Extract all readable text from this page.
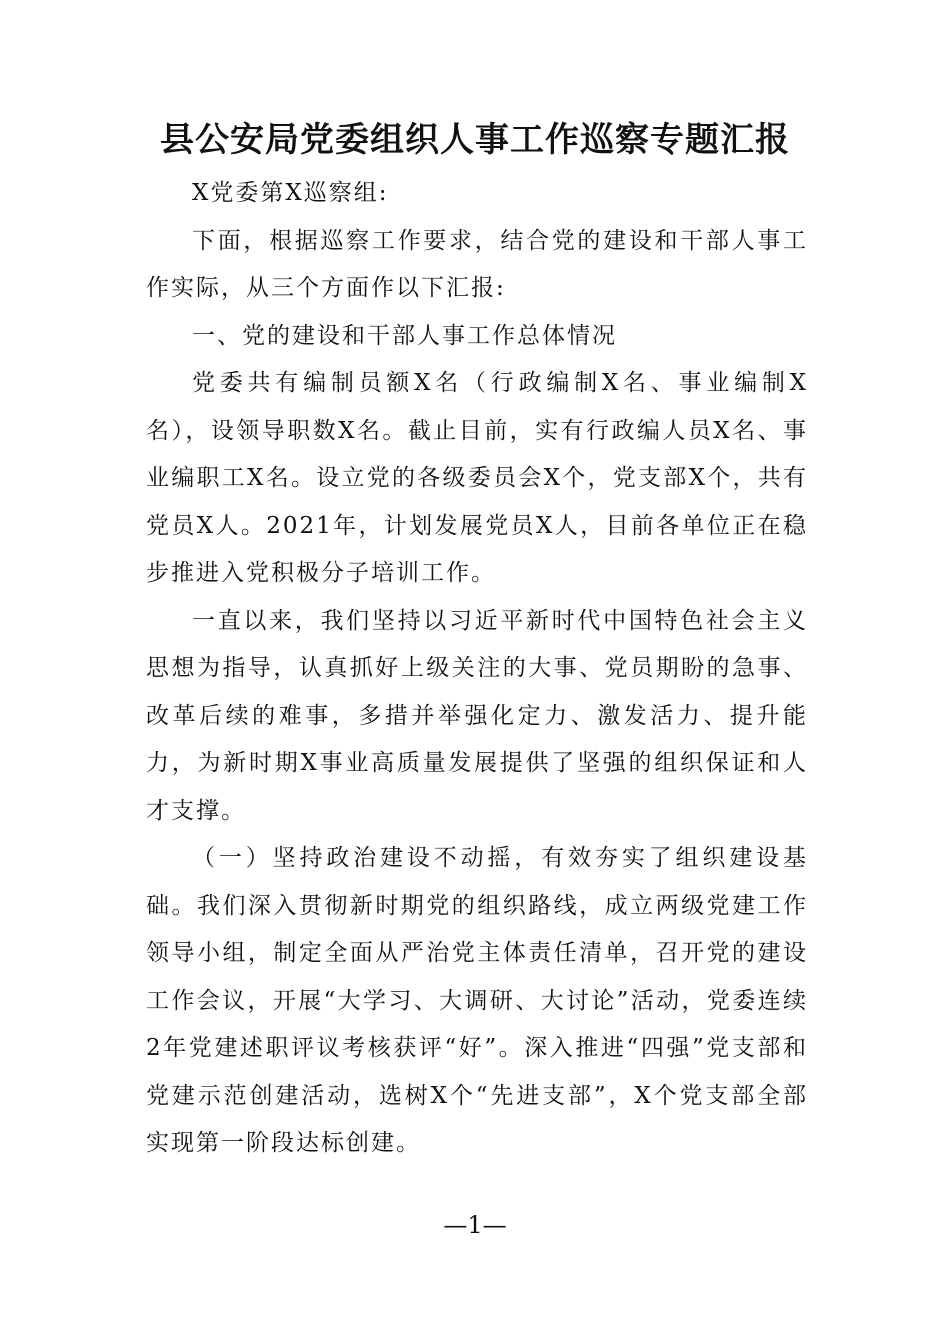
县公安局党委组织人事工作巡察专题汇报

X党委第X巡察组:

下面，根据巡察工作要求，结合党的建设和干部人事工作实际，从三个方面作以下汇报:

一、党的建设和干部人事工作总体情况

党委共有编制员额X名（行政编制X名、事业编制X名），设领导职数X名。截止目前，实有行政编人员X名、事业编职工X名。设立党的各级委员会X个，党支部X个，共有党员X人。2021年，计划发展党员X人，目前各单位正在稳步推进入党积极分子培训工作。

一直以来，我们坚持以习近平新时代中国特色社会主义思想为指导，认真抓好上级关注的大事、党员期盼的急事、改革后续的难事，多措并举强化定力、激发活力、提升能力，为新时期X事业高质量发展提供了坚强的组织保证和人才支撑。

（一）坚持政治建设不动摇，有效夯实了组织建设基础。我们深入贯彻新时期党的组织路线，成立两级党建工作领导小组，制定全面从严治党主体责任清单，召开党的建设工作会议，开展“大学习、大调研、大讨论”活动，党委连续2年党建述职评议考核获评“好”。深入推进“四强”党支部和党建示范创建活动，选树X个“先进支部”，X个党支部全部实现第一阶段达标创建。

—1—
